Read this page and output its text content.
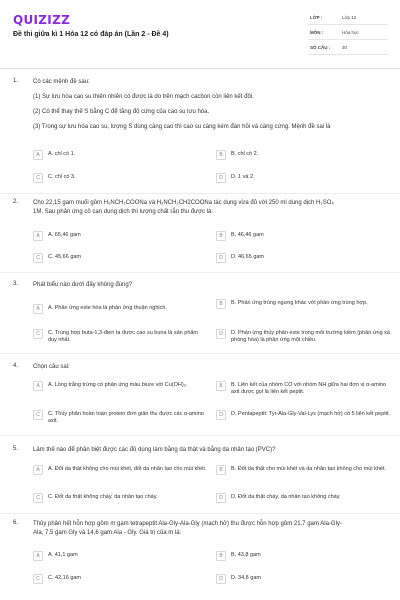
QUIZIZZ
Đề thi giữa kì 1 Hóa 12 có đáp án (Lần 2 - Đề 4)
LỚP :	Lớp 12
MÔN :	Hóa học
SỐ CÂU :	30
1. Có các mệnh đề sau:
(1) Sự lưu hóa cao su thiên nhiên có được là do trên mạch cacbon còn liên kết đôi.
(2) Có thể thay thế S bằng C để tăng độ cứng của cao su lưu hóa.
(3) Trong sự lưu hóa cao su, lượng S dùng càng cao thì cao su càng kém đàn hồi và càng cứng. Mệnh đề sai là
A	A. chỉ có 1.	B	B. chỉ có 2.
C	C. chỉ có 3.	D	D. 1 và 2.
2. Cho 22,15 gam muối gồm H₂NCH₂COONa và H₂NCH₂CH2COONa tác dụng vừa đủ với 250 ml dung dịch H₂SO₄
1M. Sau phản ứng cô cạn dung dịch thì lượng chất rắn thu được là:
A	A. 65,46 gam	B	B. 46,46 gam
C	C. 45,66 gam	D	D. 46,65 gam
3. Phát biểu nào dưới đây không đúng?
A	A. Phản ứng este hóa là phản ứng thuận nghịch.
B	B. Phản ứng trùng ngưng khác với phản ứng trùng hợp.
C	C. Trùng hợp buta-1,3-đien ta được cao su buna là sản phẩm duy nhất.
D	D. Phản ứng thủy phân este trong môi trường kiềm (phản ứng xà phòng hóa) là phản ứng một chiều.
4. Chọn câu sai:
A	A. Lòng trắng trứng có phản ứng màu biure với Cu(OH)₂.	B	B. Liên kết của nhóm CO với nhóm NH giữa hai đơn vị α-amino axit được gọi là liên kết peptit.
C	C. Thủy phân hoàn toàn protein đơn giản thu được các α-amino axit.
D	D. Pentapeptit: Tyr-Ala-Gly-Val-Lys (mạch hở) có 5 liên kết peptit.
5. Làm thế nào để phân biệt được các đồ dùng làm bằng da thật và bằng da nhân tạo (PVC)?
A	A. Đốt da thật không cho mùi khét, đốt da nhân tạo cho mùi khét.	B	B. Đốt da thật cho mùi khét và da nhân tạo không cho mùi khét.
C	C. Đốt da thật không cháy, da nhân tạo cháy.	D	D. Đốt da thật cháy, da nhân tạo không cháy.
6. Thủy phân hết hỗn hợp gồm m gam tetrapeptit Ala-Gly-Ala-Gly (mạch hở) thu được hỗn hợp gồm 21,7 gam Ala-Gly-
Ala, 7,5 gam Gly và 14,6 gam Ala - Gly. Giá trị của m là:
A	A. 41,1 gam	B	B. 43,8 gam
C	C. 42,16 gam	D	D. 34,8 gam
